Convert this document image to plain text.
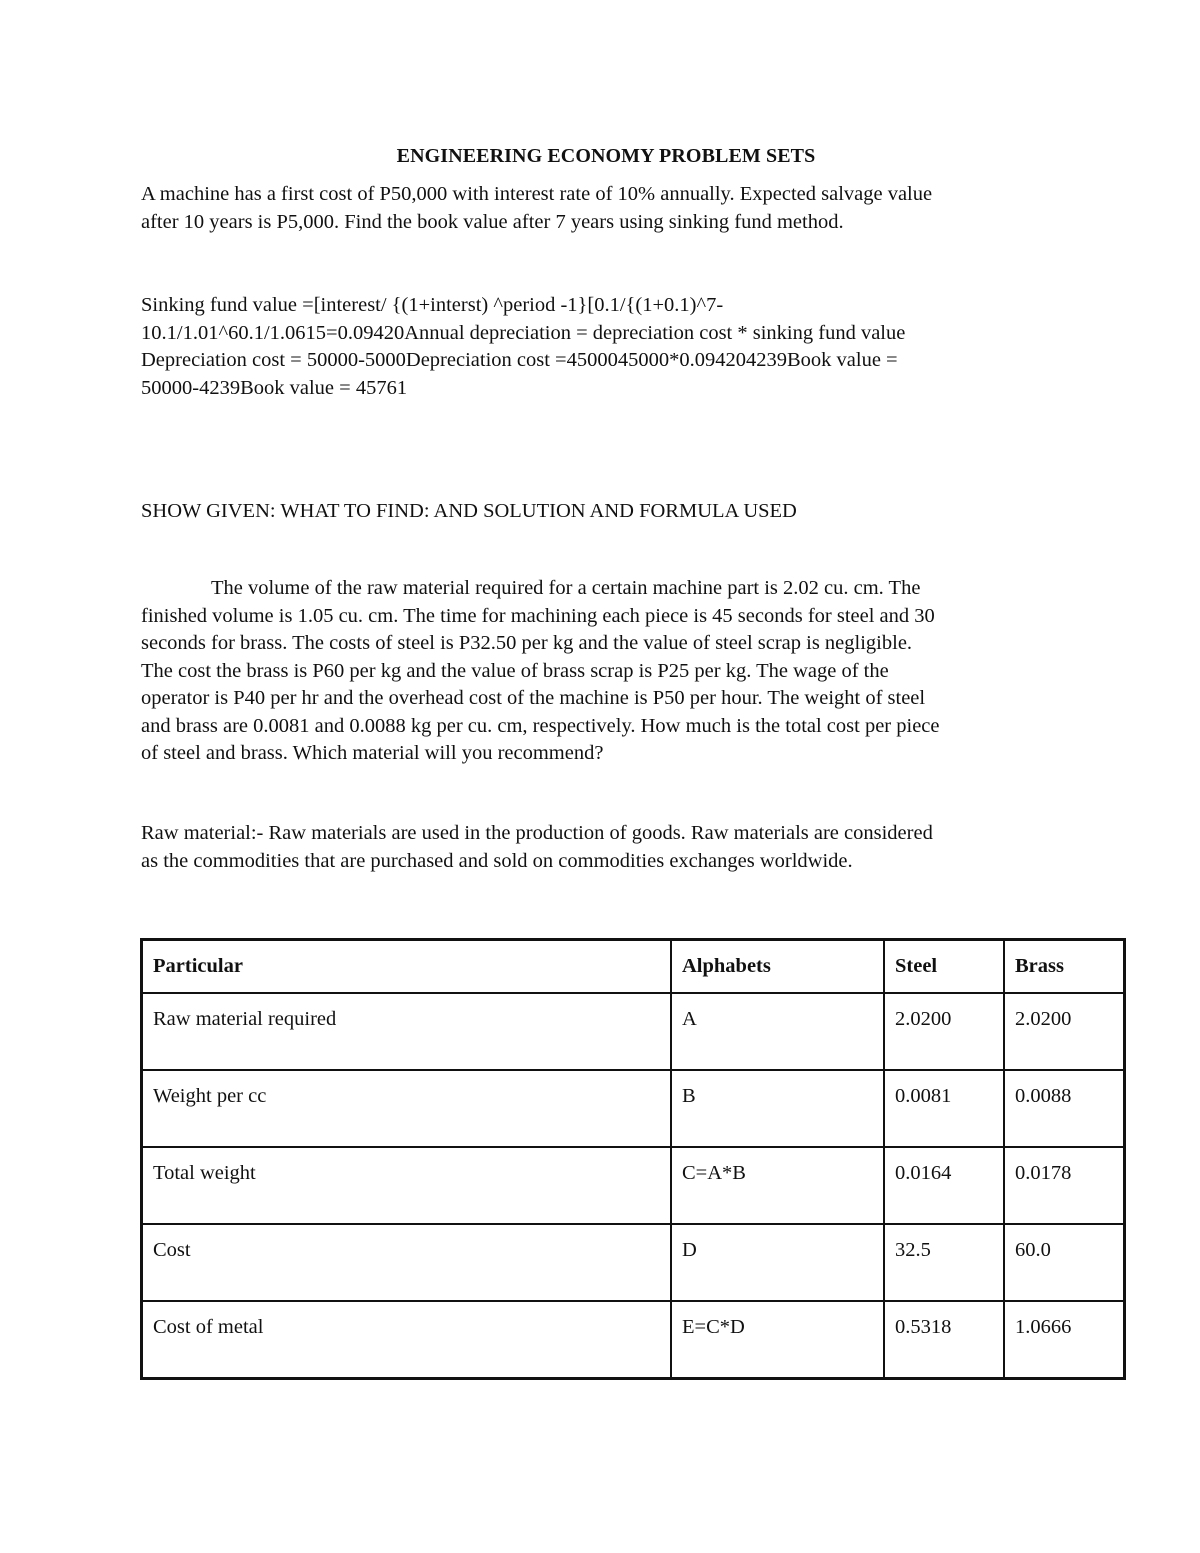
ENGINEERING ECONOMY PROBLEM SETS

A machine has a first cost of P50,000 with interest rate of 10% annually. Expected salvage value
after 10 years is P5,000. Find the book value after 7 years using sinking fund method.

Sinking fund value =[interest/ {(1+interst) ^period -1}[0.1/{(1+0.1)^7-
10.1/1.01^60.1/1.0615=0.09420Annual depreciation = depreciation cost * sinking fund value
Depreciation cost = 50000-5000Depreciation cost =4500045000*0.094204239Book value =
50000-4239Book value = 45761

SHOW GIVEN: WHAT TO FIND: AND SOLUTION AND FORMULA USED

The volume of the raw material required for a certain machine part is 2.02 cu. cm. The
finished volume is 1.05 cu. cm. The time for machining each piece is 45 seconds for steel and 30
seconds for brass. The costs of steel is P32.50 per kg and the value of steel scrap is negligible.
The cost the brass is P60 per kg and the value of brass scrap is P25 per kg. The wage of the
operator is P40 per hr and the overhead cost of the machine is P50 per hour. The weight of steel
and brass are 0.0081 and 0.0088 kg per cu. cm, respectively. How much is the total cost per piece
of steel and brass. Which material will you recommend?

Raw material:- Raw materials are used in the production of goods. Raw materials are considered
as the commodities that are purchased and sold on commodities exchanges worldwide.

Particular	Alphabets	Steel	Brass
Raw material required	A	2.0200	2.0200
Weight per cc	B	0.0081	0.0088
Total weight	C=A*B	0.0164	0.0178
Cost	D	32.5	60.0
Cost of metal	E=C*D	0.5318	1.0666
